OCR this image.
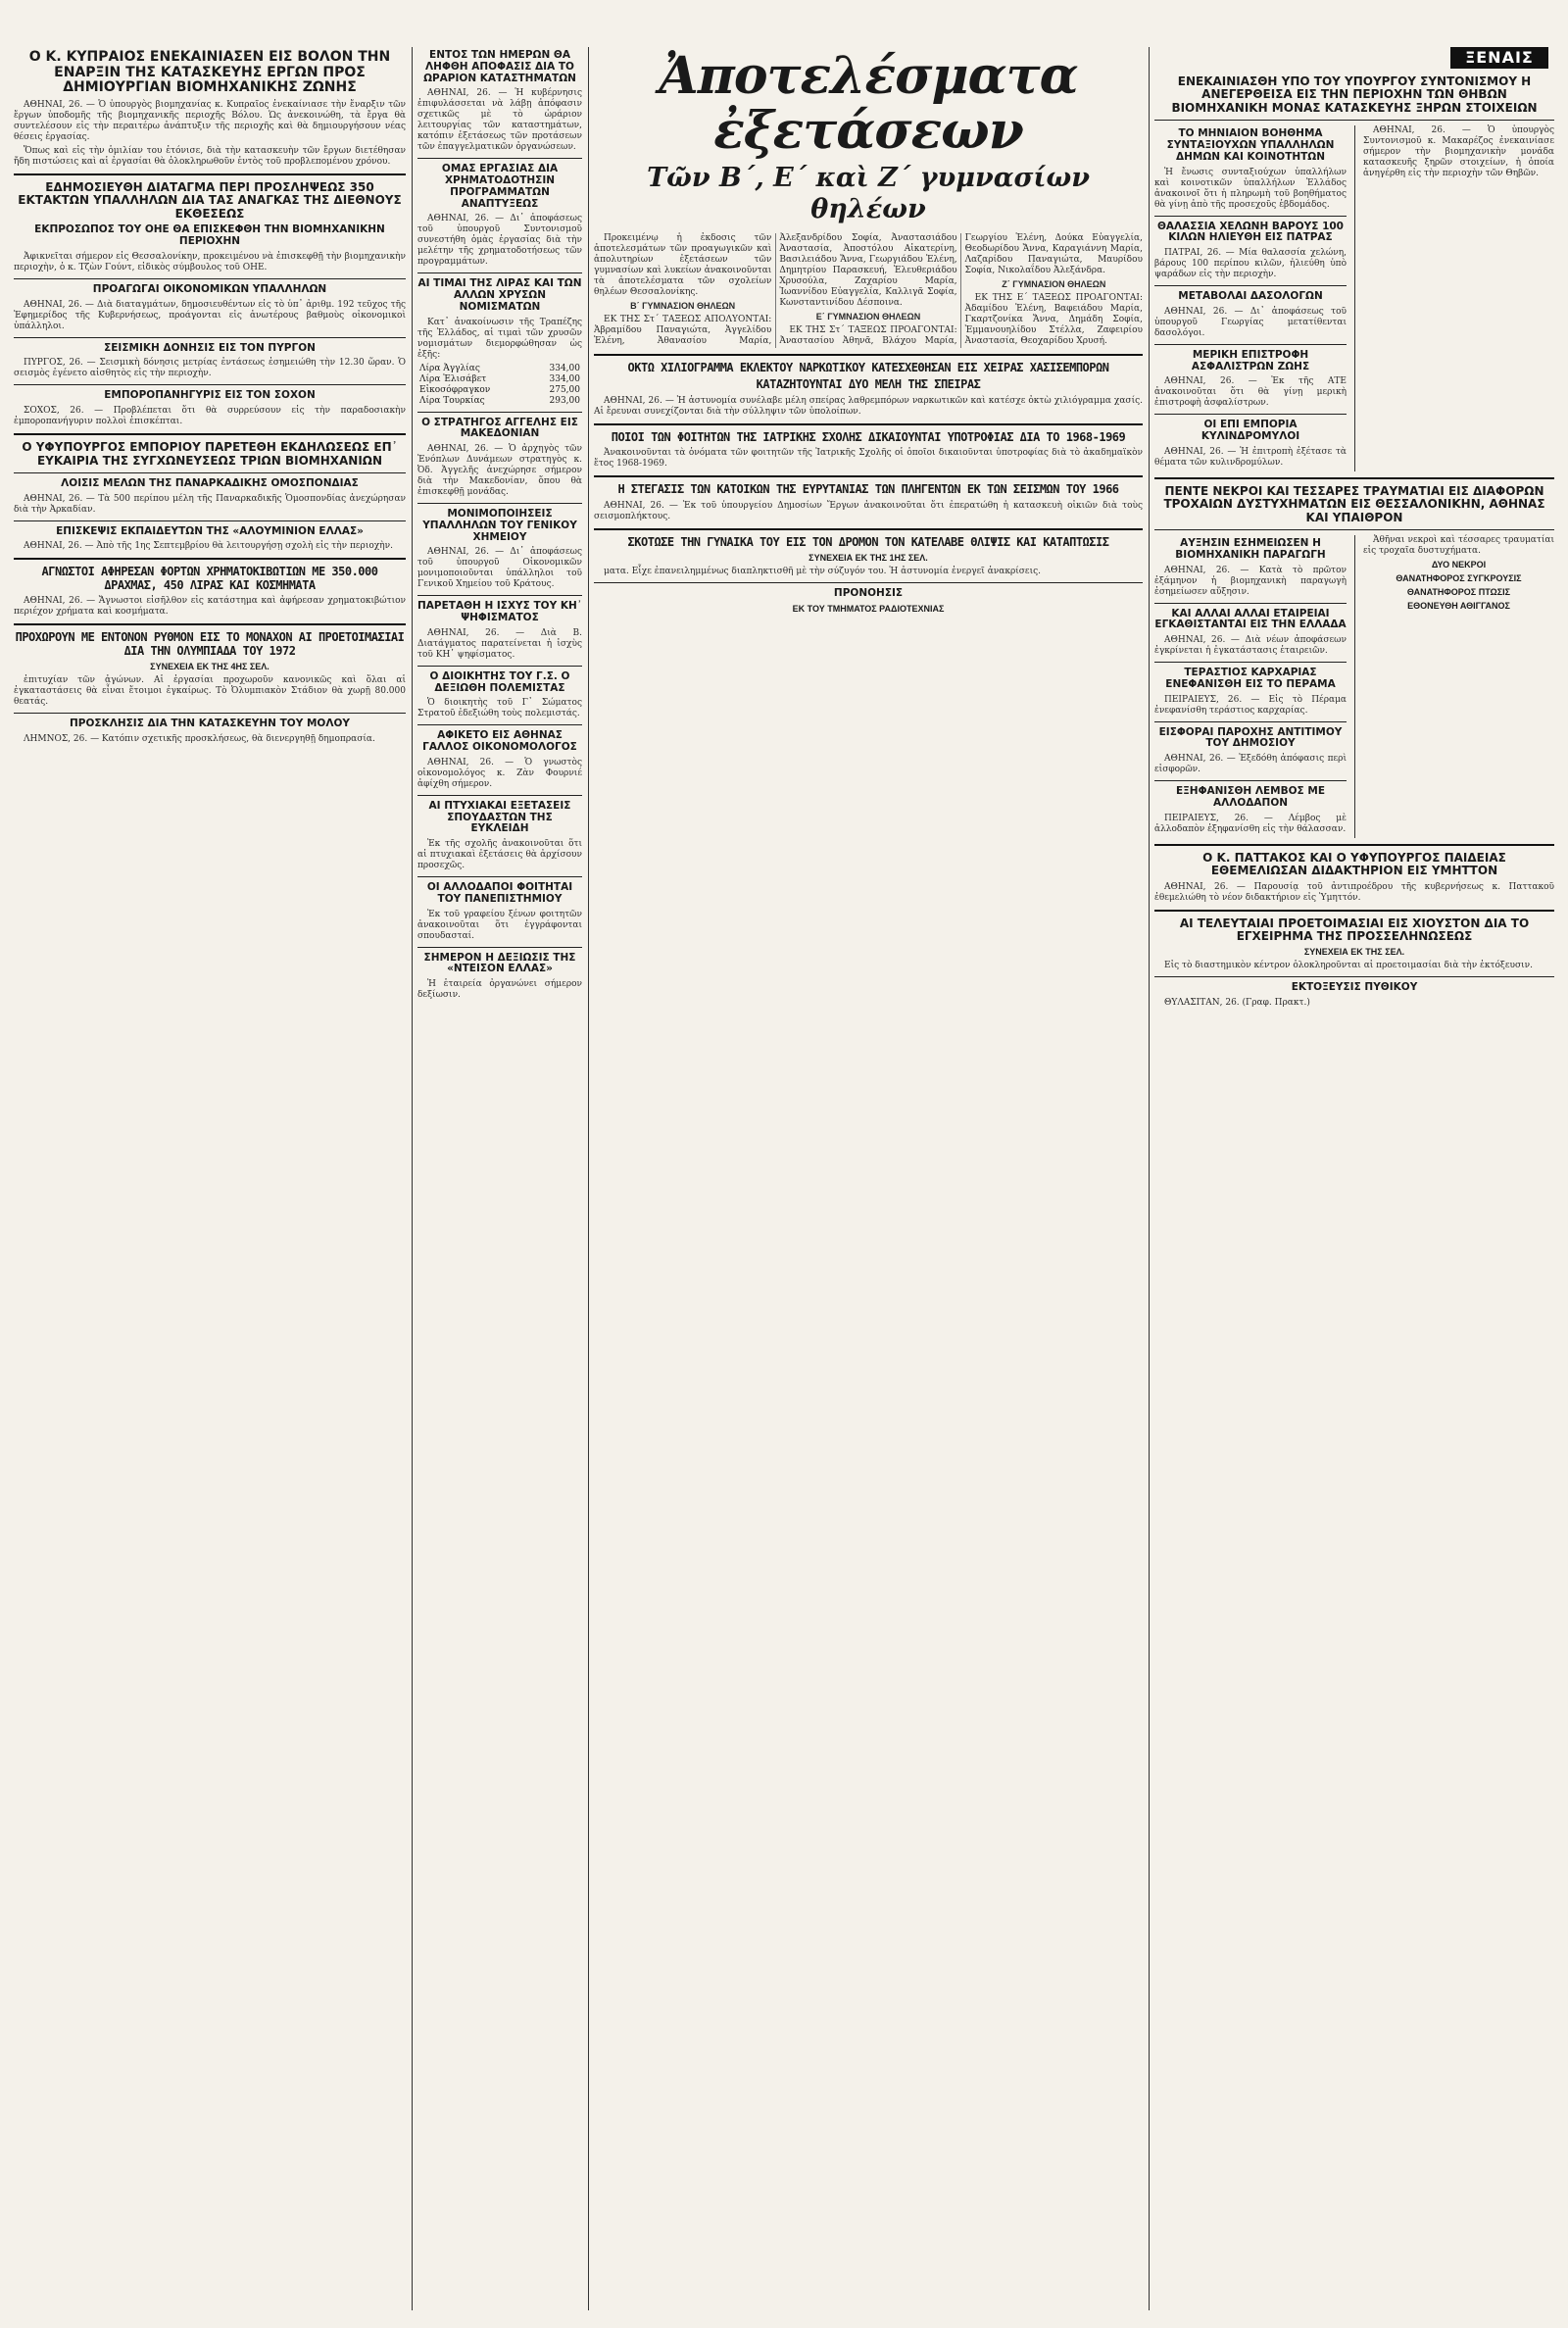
Ο Κ. ΚΥΠΡΑΙΟΣ ΕΝΕΚΑΙΝΙΑΣΕΝ ΕΙΣ ΒΟΛΟΝ ΤΗΝ ΕΝΑΡΞΙΝ ΤΗΣ ΚΑΤΑΣΚΕΥΗΣ ΕΡΓΩΝ ΠΡΟΣ ΔΗΜΙΟΥΡΓΙΑΝ ΒΙΟΜΗΧΑΝΙΚΗΣ ΖΩΝΗΣ

ΑΘΗΝΑΙ, 26. — Ὁ ὑπουργὸς βιομηχανίας κ. Κυπραῖος ἐνεκαίνιασε τὴν ἔναρξιν τῶν ἔργων ὑποδομῆς τῆς βιομηχανικῆς περιοχῆς Βόλου. Ὡς ἀνεκοινώθη, τὰ ἔργα θὰ συντελέσουν εἰς τὴν περαιτέρω ἀνάπτυξιν τῆς περιοχῆς καὶ θὰ δημιουργήσουν νέας θέσεις ἐργασίας.

Ὅπως καὶ εἰς τὴν ὁμιλίαν του ἐτόνισε, διὰ τὴν κατασκευὴν τῶν ἔργων διετέθησαν ἤδη πιστώσεις καὶ αἱ ἐργασίαι θὰ ὁλοκληρωθοῦν ἐντὸς τοῦ προβλεπομένου χρόνου.

ΕΔΗΜΟΣΙΕΥΘΗ ΔΙΑΤΑΓΜΑ ΠΕΡΙ ΠΡΟΣΛΗΨΕΩΣ 350 ΕΚΤΑΚΤΩΝ ΥΠΑΛΛΗΛΩΝ ΔΙΑ ΤΑΣ ΑΝΑΓΚΑΣ ΤΗΣ ΔΙΕΘΝΟΥΣ ΕΚΘΕΣΕΩΣ
ΕΚΠΡΟΣΩΠΟΣ ΤΟΥ ΟΗΕ ΘΑ ΕΠΙΣΚΕΦΘΗ ΤΗΝ ΒΙΟΜΗΧΑΝΙΚΗΝ ΠΕΡΙΟΧΗΝ

Ἀφικνεῖται σήμερον εἰς Θεσσαλονίκην, προκειμένου νὰ ἐπισκεφθῇ τὴν βιομηχανικὴν περιοχὴν, ὁ κ. Τζὼν Γούντ, εἰδικὸς σύμβουλος τοῦ ΟΗΕ.

ΠΡΟΑΓΩΓΑΙ ΟΙΚΟΝΟΜΙΚΩΝ ΥΠΑΛΛΗΛΩΝ

ΑΘΗΝΑΙ, 26. — Διὰ διαταγμάτων, δημοσιευθέντων εἰς τὸ ὑπ᾽ ἀριθμ. 192 τεῦχος τῆς Ἐφημερίδος τῆς Κυβερνήσεως, προάγονται εἰς ἀνωτέρους βαθμοὺς οἰκονομικοὶ ὑπάλληλοι.

ΣΕΙΣΜΙΚΗ ΔΟΝΗΣΙΣ ΕΙΣ ΤΟΝ ΠΥΡΓΟΝ

ΠΥΡΓΟΣ, 26. — Σεισμικὴ δόνησις μετρίας ἐντάσεως ἐσημειώθη τὴν 12.30 ὥραν. Ὁ σεισμὸς ἐγένετο αἰσθητὸς εἰς τὴν περιοχὴν.

ΕΜΠΟΡΟΠΑΝΗΓΥΡΙΣ ΕΙΣ ΤΟΝ ΣΟΧΟΝ

ΣΟΧΟΣ, 26. — Προβλέπεται ὅτι θὰ συρρεύσουν εἰς τὴν παραδοσιακὴν ἐμποροπανήγυριν πολλοὶ ἐπισκέπται.

Ο ΥΦΥΠΟΥΡΓΟΣ ΕΜΠΟΡΙΟΥ ΠΑΡΕΤΕΘΗ ΕΚΔΗΛΩΣΕΩΣ ΕΠ᾽ ΕΥΚΑΙΡΙΑ ΤΗΣ ΣΥΓΧΩΝΕΥΣΕΩΣ ΤΡΙΩΝ ΒΙΟΜΗΧΑΝΙΩΝ
ΛΟΙΣΙΣ ΜΕΛΩΝ ΤΗΣ ΠΑΝΑΡΚΑΔΙΚΗΣ ΟΜΟΣΠΟΝΔΙΑΣ

ΑΘΗΝΑΙ, 26. — Τὰ 500 περίπου μέλη τῆς Παναρκαδικῆς Ὁμοσπονδίας ἀνεχώρησαν διὰ τὴν Ἀρκαδίαν.

ΕΠΙΣΚΕΨΙΣ ΕΚΠΑΙΔΕΥΤΩΝ ΤΗΣ «ΑΛΟΥΜΙΝΙΟΝ ΕΛΛΑΣ»

ΑΘΗΝΑΙ, 26. — Ἀπὸ τῆς 1ης Σεπτεμβρίου θὰ λειτουργήσῃ σχολὴ εἰς τὴν περιοχὴν.

ΑΓΝΩΣΤΟΙ ΑΦΗΡΕΣΑΝ ΦΟΡΤΩΝ ΧΡΗΜΑΤΟΚΙΒΩΤΙΩΝ ΜΕ 350.000 ΔΡΑΧΜΑΣ, 450 ΛΙΡΑΣ ΚΑΙ ΚΟΣΜΗΜΑΤΑ

ΑΘΗΝΑΙ, 26. — Ἄγνωστοι εἰσῆλθον εἰς κατάστημα καὶ ἀφήρεσαν χρηματοκιβώτιον περιέχον χρήματα καὶ κοσμήματα.

ΠΡΟΧΩΡΟΥΝ ΜΕ ΕΝΤΟΝΟΝ ΡΥΘΜΟΝ ΕΙΣ ΤΟ ΜΟΝΑΧΟΝ ΑΙ ΠΡΟΕΤΟΙΜΑΣΙΑΙ ΔΙΑ ΤΗΝ ΟΛΥΜΠΙΑΔΑ ΤΟΥ 1972
ΣΥΝΕΧΕΙΑ ΕΚ ΤΗΣ 4ΗΣ ΣΕΛ.

ἐπιτυχίαν τῶν ἀγώνων. Αἱ ἐργασίαι προχωροῦν κανονικῶς καὶ ὅλαι αἱ ἐγκαταστάσεις θὰ εἶναι ἕτοιμοι ἐγκαίρως. Τὸ Ὀλυμπιακὸν Στάδιον θὰ χωρῇ 80.000 θεατάς.

ΠΡΟΣΚΛΗΣΙΣ ΔΙΑ ΤΗΝ ΚΑΤΑΣΚΕΥΗΝ ΤΟΥ ΜΟΛΟΥ

ΛΗΜΝΟΣ, 26. — Κατόπιν σχετικῆς προσκλήσεως, θὰ διενεργηθῇ δημοπρασία.

ΕΝΤΟΣ ΤΩΝ ΗΜΕΡΩΝ ΘΑ ΛΗΦΘΗ ΑΠΟΦΑΣΙΣ ΔΙΑ ΤΟ ΩΡΑΡΙΟΝ ΚΑΤΑΣΤΗΜΑΤΩΝ

ΑΘΗΝΑΙ, 26. — Ἡ κυβέρνησις ἐπιφυλάσσεται νὰ λάβῃ ἀπόφασιν σχετικῶς μὲ τὸ ὡράριον λειτουργίας τῶν καταστημάτων, κατόπιν ἐξετάσεως τῶν προτάσεων τῶν ἐπαγγελματικῶν ὀργανώσεων.

ΟΜΑΣ ΕΡΓΑΣΙΑΣ ΔΙΑ ΧΡΗΜΑΤΟΔΟΤΗΣΙΝ ΠΡΟΓΡΑΜΜΑΤΩΝ ΑΝΑΠΤΥΞΕΩΣ

ΑΘΗΝΑΙ, 26. — Δι᾽ ἀποφάσεως τοῦ ὑπουργοῦ Συντονισμοῦ συνεστήθη ὁμὰς ἐργασίας διὰ τὴν μελέτην τῆς χρηματοδοτήσεως τῶν προγραμμάτων.

ΑΙ ΤΙΜΑΙ ΤΗΣ ΛΙΡΑΣ ΚΑΙ ΤΩΝ ΑΛΛΩΝ ΧΡΥΣΩΝ ΝΟΜΙΣΜΑΤΩΝ

Κατ᾽ ἀνακοίνωσιν τῆς Τραπέζης τῆς Ἑλλάδος, αἱ τιμαὶ τῶν χρυσῶν νομισμάτων διεμορφώθησαν ὡς ἑξῆς:

Λίρα Ἀγγλίας	334,00
Λίρα Ἐλισάβετ	334,00
Εἰκοσόφραγκον	275,00
Λίρα Τουρκίας	293,00
Ο ΣΤΡΑΤΗΓΟΣ ΑΓΓΕΛΗΣ ΕΙΣ ΜΑΚΕΔΟΝΙΑΝ

ΑΘΗΝΑΙ, 26. — Ὁ ἀρχηγὸς τῶν Ἐνόπλων Δυνάμεων στρατηγὸς κ. Ὀδ. Ἀγγελῆς ἀνεχώρησε σήμερον διὰ τὴν Μακεδονίαν, ὅπου θὰ ἐπισκεφθῇ μονάδας.

ΜΟΝΙΜΟΠΟΙΗΣΕΙΣ ΥΠΑΛΛΗΛΩΝ ΤΟΥ ΓΕΝΙΚΟΥ ΧΗΜΕΙΟΥ

ΑΘΗΝΑΙ, 26. — Δι᾽ ἀποφάσεως τοῦ ὑπουργοῦ Οἰκονομικῶν μονιμοποιοῦνται ὑπάλληλοι τοῦ Γενικοῦ Χημείου τοῦ Κράτους.

ΠΑΡΕΤΑΘΗ Η ΙΣΧΥΣ ΤΟΥ ΚΗ᾽ ΨΗΦΙΣΜΑΤΟΣ

ΑΘΗΝΑΙ, 26. — Διὰ Β. Διατάγματος παρατείνεται ἡ ἰσχὺς τοῦ ΚΗ᾽ ψηφίσματος.

Ο ΔΙΟΙΚΗΤΗΣ ΤΟΥ Γ.Σ. Ο ΔΕΞΙΩΘΗ ΠΟΛΕΜΙΣΤΑΣ

Ὁ διοικητὴς τοῦ Γ᾽ Σώματος Στρατοῦ ἐδεξιώθη τοὺς πολεμιστάς.

ΑΦΙΚΕΤΟ ΕΙΣ ΑΘΗΝΑΣ ΓΑΛΛΟΣ ΟΙΚΟΝΟΜΟΛΟΓΟΣ

ΑΘΗΝΑΙ, 26. — Ὁ γνωστὸς οἰκονομολόγος κ. Ζὰν Φουρνιέ ἀφίχθη σήμερον.

ΑΙ ΠΤΥΧΙΑΚΑΙ ΕΞΕΤΑΣΕΙΣ ΣΠΟΥΔΑΣΤΩΝ ΤΗΣ ΕΥΚΛΕΙΔΗ

Ἐκ τῆς σχολῆς ἀνακοινοῦται ὅτι αἱ πτυχιακαὶ ἐξετάσεις θὰ ἀρχίσουν προσεχῶς.

ΟΙ ΑΛΛΟΔΑΠΟΙ ΦΟΙΤΗΤΑΙ ΤΟΥ ΠΑΝΕΠΙΣΤΗΜΙΟΥ

Ἐκ τοῦ γραφείου ξένων φοιτητῶν ἀνακοινοῦται ὅτι ἐγγράφονται σπουδασταί.

ΣΗΜΕΡΟΝ Η ΔΕΞΙΩΣΙΣ ΤΗΣ «ΝΤΕΙΣΟΝ ΕΛΛΑΣ»

Ἡ ἑταιρεία ὀργανώνει σήμερον δεξίωσιν.

Ἀποτελέσματα ἐξετάσεων
Τῶν Β΄, Ε΄ καὶ Ζ΄ γυμνασίων θηλέων

Προκειμένῳ ἡ ἐκδοσις τῶν ἀποτελεσμάτων τῶν προαγωγικῶν καὶ ἀπολυτηρίων ἐξετάσεων τῶν γυμνασίων καὶ λυκείων ἀνακοινοῦνται τὰ ἀποτελέσματα τῶν σχολείων θηλέων Θεσσαλονίκης.

Β΄ ΓΥΜΝΑΣΙΟΝ ΘΗΛΕΩΝ

ΕΚ ΤΗΣ Στ΄ ΤΑΞΕΩΣ ΑΠΟΛΥΟΝΤΑΙ: Ἀβραμίδου Παναγιώτα, Ἀγγελίδου Ἑλένη, Ἀθανασίου Μαρία, Ἀλεξανδρίδου Σοφία, Ἀναστασιάδου Ἀναστασία, Ἀποστόλου Αἰκατερίνη, Βασιλειάδου Ἄννα, Γεωργιάδου Ἑλένη, Δημητρίου Παρασκευή, Ἐλευθεριάδου Χρυσούλα, Ζαχαρίου Μαρία, Ἰωαννίδου Εὐαγγελία, Καλλιγᾶ Σοφία, Κωνσταντινίδου Δέσποινα.

Ε΄ ΓΥΜΝΑΣΙΟΝ ΘΗΛΕΩΝ

ΕΚ ΤΗΣ Στ΄ ΤΑΞΕΩΣ ΠΡΟΑΓΟΝΤΑΙ: Ἀναστασίου Ἀθηνᾶ, Βλάχου Μαρία, Γεωργίου Ἑλένη, Δούκα Εὐαγγελία, Θεοδωρίδου Ἄννα, Καραγιάννη Μαρία, Λαζαρίδου Παναγιώτα, Μαυρίδου Σοφία, Νικολαΐδου Ἀλεξάνδρα.

Ζ΄ ΓΥΜΝΑΣΙΟΝ ΘΗΛΕΩΝ

ΕΚ ΤΗΣ Ε΄ ΤΑΞΕΩΣ ΠΡΟΑΓΟΝΤΑΙ: Ἀδαμίδου Ἑλένη, Βαφειάδου Μαρία, Γκαρτζονίκα Ἄννα, Δημάδη Σοφία, Ἐμμανουηλίδου Στέλλα, Ζαφειρίου Ἀναστασία, Θεοχαρίδου Χρυσή.

ΟΚΤΩ ΧΙΛΙΟΓΡΑΜΜΑ ΕΚΛΕΚΤΟΥ ΝΑΡΚΩΤΙΚΟΥ ΚΑΤΕΣΧΕΘΗΣΑΝ ΕΙΣ ΧΕΙΡΑΣ ΧΑΣΙΣΕΜΠΟΡΩΝ
ΚΑΤΑΖΗΤΟΥΝΤΑΙ ΔΥΟ ΜΕΛΗ ΤΗΣ ΣΠΕΙΡΑΣ

ΑΘΗΝΑΙ, 26. — Ἡ ἀστυνομία συνέλαβε μέλη σπείρας λαθρεμπόρων ναρκωτικῶν καὶ κατέσχε ὀκτὼ χιλιόγραμμα χασίς. Αἱ ἔρευναι συνεχίζονται διὰ τὴν σύλληψιν τῶν ὑπολοίπων.

ΠΟΙΟΙ ΤΩΝ ΦΟΙΤΗΤΩΝ ΤΗΣ ΙΑΤΡΙΚΗΣ ΣΧΟΛΗΣ ΔΙΚΑΙΟΥΝΤΑΙ ΥΠΟΤΡΟΦΙΑΣ ΔΙΑ ΤΟ 1968-1969

Ἀνακοινοῦνται τὰ ὀνόματα τῶν φοιτητῶν τῆς Ἰατρικῆς Σχολῆς οἱ ὁποῖοι δικαιοῦνται ὑποτροφίας διὰ τὸ ἀκαδημαϊκὸν ἔτος 1968-1969.

Η ΣΤΕΓΑΣΙΣ ΤΩΝ ΚΑΤΟΙΚΩΝ ΤΗΣ ΕΥΡΥΤΑΝΙΑΣ ΤΩΝ ΠΛΗΓΕΝΤΩΝ ΕΚ ΤΩΝ ΣΕΙΣΜΩΝ ΤΟΥ 1966

ΑΘΗΝΑΙ, 26. — Ἐκ τοῦ ὑπουργείου Δημοσίων Ἔργων ἀνακοινοῦται ὅτι ἐπερατώθη ἡ κατασκευὴ οἰκιῶν διὰ τοὺς σεισμοπλήκτους.

ΣΚΟΤΩΣΕ ΤΗΝ ΓΥΝΑΙΚΑ ΤΟΥ ΕΙΣ ΤΟΝ ΔΡΟΜΟΝ ΤΟΝ ΚΑΤΕΛΑΒΕ ΘΛΙΨΙΣ ΚΑΙ ΚΑΤΑΠΤΩΣΙΣ
ΣΥΝΕΧΕΙΑ ΕΚ ΤΗΣ 1ΗΣ ΣΕΛ.

ματα. Εἶχε ἐπανειλημμένως διαπληκτισθῆ μὲ τὴν σύζυγόν του. Ἡ ἀστυνομία ἐνεργεῖ ἀνακρίσεις.

ΠΡΟΝΟΗΣΙΣ
ΕΚ ΤΟΥ ΤΜΗΜΑΤΟΣ ΡΑΔΙΟΤΕΧΝΙΑΣ
ΞΕΝΑΙΣ
ΕΝΕΚΑΙΝΙΑΣΘΗ ΥΠΟ ΤΟΥ ΥΠΟΥΡΓΟΥ ΣΥΝΤΟΝΙΣΜΟΥ Η ΑΝΕΓΕΡΘΕΙΣΑ ΕΙΣ ΤΗΝ ΠΕΡΙΟΧΗΝ ΤΩΝ ΘΗΒΩΝ ΒΙΟΜΗΧΑΝΙΚΗ ΜΟΝΑΣ ΚΑΤΑΣΚΕΥΗΣ ΞΗΡΩΝ ΣΤΟΙΧΕΙΩΝ
ΤΟ ΜΗΝΙΑΙΟΝ ΒΟΗΘΗΜΑ ΣΥΝΤΑΞΙΟΥΧΩΝ ΥΠΑΛΛΗΛΩΝ ΔΗΜΩΝ ΚΑΙ ΚΟΙΝΟΤΗΤΩΝ

Ἡ ἔνωσις συνταξιούχων ὑπαλλήλων καὶ κοινοτικῶν ὑπαλλήλων Ἑλλάδος ἀνακοινοῖ ὅτι ἡ πληρωμὴ τοῦ βοηθήματος θὰ γίνῃ ἀπὸ τῆς προσεχοῦς ἑβδομάδος.

ΘΑΛΑΣΣΙΑ ΧΕΛΩΝΗ ΒΑΡΟΥΣ 100 ΚΙΛΩΝ ΗΛΙΕΥΘΗ ΕΙΣ ΠΑΤΡΑΣ

ΠΑΤΡΑΙ, 26. — Μία θαλασσία χελώνη, βάρους 100 περίπου κιλῶν, ἠλιεύθη ὑπὸ ψαράδων εἰς τὴν περιοχὴν.

ΜΕΤΑΒΟΛΑΙ ΔΑΣΟΛΟΓΩΝ

ΑΘΗΝΑΙ, 26. — Δι᾽ ἀποφάσεως τοῦ ὑπουργοῦ Γεωργίας μετατίθενται δασολόγοι.

ΜΕΡΙΚΗ ΕΠΙΣΤΡΟΦΗ ΑΣΦΑΛΙΣΤΡΩΝ ΖΩΗΣ

ΑΘΗΝΑΙ, 26. — Ἐκ τῆς ΑΤΕ ἀνακοινοῦται ὅτι θὰ γίνῃ μερικὴ ἐπιστροφὴ ἀσφαλίστρων.

ΟΙ ΕΠΙ ΕΜΠΟΡΙΑ ΚΥΛΙΝΔΡΟΜΥΛΟΙ

ΑΘΗΝΑΙ, 26. — Ἡ ἐπιτροπὴ ἐξέτασε τὰ θέματα τῶν κυλινδρομύλων.

ΑΘΗΝΑΙ, 26. — Ὁ ὑπουργὸς Συντονισμοῦ κ. Μακαρέζος ἐνεκαινίασε σήμερον τὴν βιομηχανικὴν μονάδα κατασκευῆς ξηρῶν στοιχείων, ἡ ὁποία ἀνηγέρθη εἰς τὴν περιοχὴν τῶν Θηβῶν.

ΠΕΝΤΕ ΝΕΚΡΟΙ ΚΑΙ ΤΕΣΣΑΡΕΣ ΤΡΑΥΜΑΤΙΑΙ ΕΙΣ ΔΙΑΦΟΡΩΝ ΤΡΟΧΑΙΩΝ ΔΥΣΤΥΧΗΜΑΤΩΝ ΕΙΣ ΘΕΣΣΑΛΟΝΙΚΗΝ, ΑΘΗΝΑΣ ΚΑΙ ΥΠΑΙΘΡΟΝ
ΑΥΞΗΣΙΝ ΕΣΗΜΕΙΩΣΕΝ Η ΒΙΟΜΗΧΑΝΙΚΗ ΠΑΡΑΓΩΓΗ

ΑΘΗΝΑΙ, 26. — Κατὰ τὸ πρῶτον ἑξάμηνον ἡ βιομηχανικὴ παραγωγὴ ἐσημείωσεν αὔξησιν.

ΚΑΙ ΑΛΛΑΙ ΑΛΛΑΙ ΕΤΑΙΡΕΙΑΙ ΕΓΚΑΘΙΣΤΑΝΤΑΙ ΕΙΣ ΤΗΝ ΕΛΛΑΔΑ

ΑΘΗΝΑΙ, 26. — Διὰ νέων ἀποφάσεων ἐγκρίνεται ἡ ἐγκατάστασις ἑταιρειῶν.

ΤΕΡΑΣΤΙΟΣ ΚΑΡΧΑΡΙΑΣ ΕΝΕΦΑΝΙΣΘΗ ΕΙΣ ΤΟ ΠΕΡΑΜΑ

ΠΕΙΡΑΙΕΥΣ, 26. — Εἰς τὸ Πέραμα ἐνεφανίσθη τεράστιος καρχαρίας.

ΕΙΣΦΟΡΑΙ ΠΑΡΟΧΗΣ ΑΝΤΙΤΙΜΟΥ ΤΟΥ ΔΗΜΟΣΙΟΥ

ΑΘΗΝΑΙ, 26. — Ἐξεδόθη ἀπόφασις περὶ εἰσφορῶν.

ΕΞΗΦΑΝΙΣΘΗ ΛΕΜΒΟΣ ΜΕ ΑΛΛΟΔΑΠΟΝ

ΠΕΙΡΑΙΕΥΣ, 26. — Λέμβος μὲ ἀλλοδαπὸν ἐξηφανίσθη εἰς τὴν θάλασσαν.

Ἀθῆναι νεκροὶ καὶ τέσσαρες τραυματίαι εἰς τροχαῖα δυστυχήματα.

ΔΥΟ ΝΕΚΡΟΙ
ΘΑΝΑΤΗΦΟΡΟΣ ΣΥΓΚΡΟΥΣΙΣ
ΘΑΝΑΤΗΦΟΡΟΣ ΠΤΩΣΙΣ
ΕΘΟΝΕΥΘΗ ΑΘΙΓΓΑΝΟΣ
Ο Κ. ΠΑΤΤΑΚΟΣ ΚΑΙ Ο ΥΦΥΠΟΥΡΓΟΣ ΠΑΙΔΕΙΑΣ ΕΘΕΜΕΛΙΩΣΑΝ ΔΙΔΑΚΤΗΡΙΟΝ ΕΙΣ ΥΜΗΤΤΟΝ

ΑΘΗΝΑΙ, 26. — Παρουσίᾳ τοῦ ἀντιπροέδρου τῆς κυβερνήσεως κ. Παττακοῦ ἐθεμελιώθη τὸ νέον διδακτήριον εἰς Ὑμηττόν.

ΑΙ ΤΕΛΕΥΤΑΙΑΙ ΠΡΟΕΤΟΙΜΑΣΙΑΙ ΕΙΣ ΧΙΟΥΣΤΟΝ ΔΙΑ ΤΟ ΕΓΧΕΙΡΗΜΑ ΤΗΣ ΠΡΟΣΣΕΛΗΝΩΣΕΩΣ
ΣΥΝΕΧΕΙΑ ΕΚ ΤΗΣ ΣΕΛ.

Εἰς τὸ διαστημικὸν κέντρον ὁλοκληροῦνται αἱ προετοιμασίαι διὰ τὴν ἐκτόξευσιν.

ΕΚΤΟΞΕΥΣΙΣ ΠΥΘΙΚΟΥ

ΘΥΛΑΣΙΤΑΝ, 26. (Γραφ. Πρακτ.)
